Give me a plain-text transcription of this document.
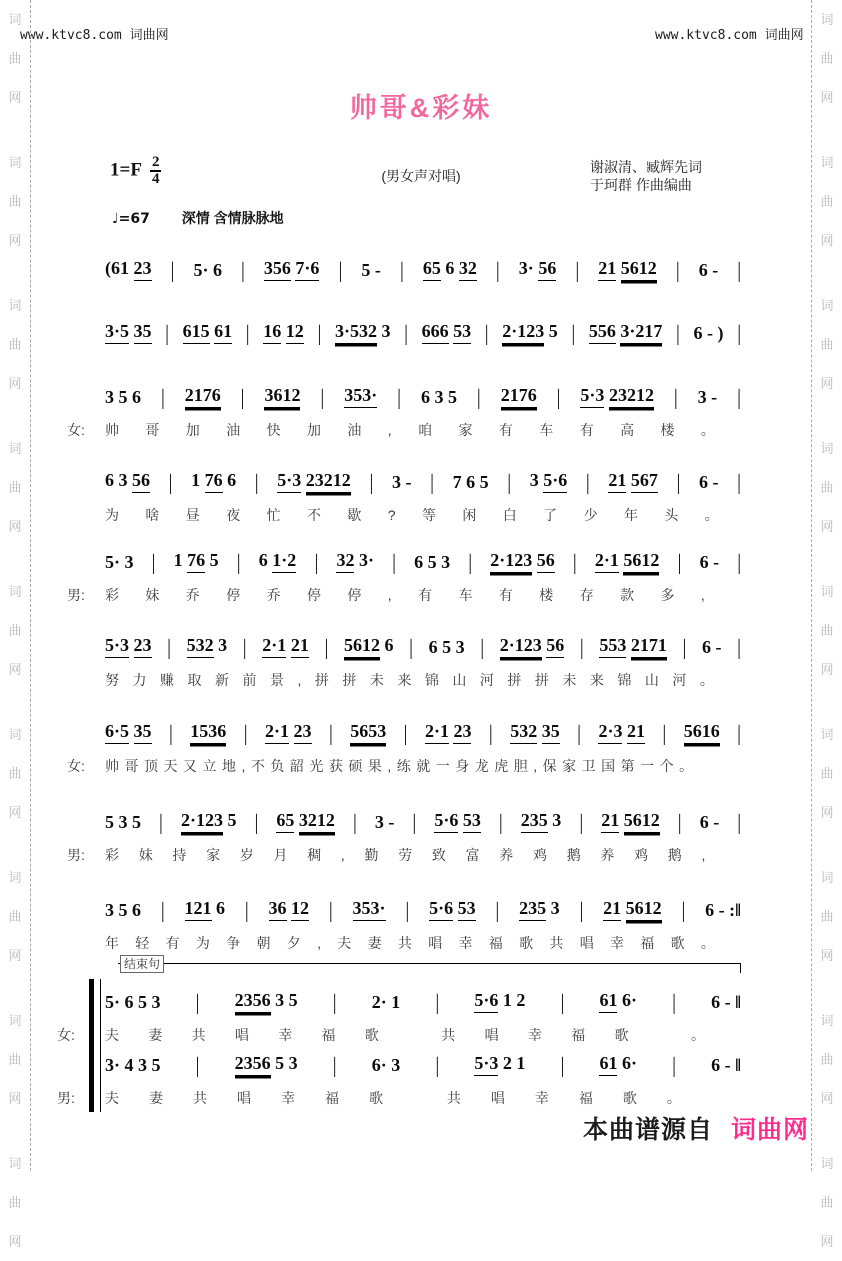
词
曲
网
词
曲
网
词
曲
网
词
曲
网
词
曲
网
词
曲
网
词
曲
网
词
曲
网
词
曲
网
词
曲
网
词
曲
网
词
曲
网
词
曲
网
词
曲
网
词
曲
网
词
曲
网
词
曲
网
词
曲
网
www.ktvc8.com 词曲网	www.ktvc8.com 词曲网
帅哥&彩妹
$1=F \frac{2}{4}$	(男女声对唱)
谢淑清、臧辉先词
于珂群 作曲编曲
♩=67 深情 含情脉脉地
结束句
(61 23 | 5· 6 | 356 7·6 | 5 - | 65 6 32 | 3· 56 | 21 5612 | 6 - |
3·5 35 | 615 61 | 16 12 | 3·532 3 | 666 53 | 2·123 5 | 556 3·217 | 6 - ) |
女:
3 5 6 | 2176 | 3612 | 353· | 6 3 5 | 2176 | 5·3 23212 | 3 - |
帅哥加油快加油,咱家有车有高楼。
6 3 56 | 1 76 6 | 5·3 23212 | 3 - | 7 6 5 | 3 5·6 | 21 567 | 6 - |
为啥昼夜忙不歇?等闲白了少年头。
男:
5· 3 | 1 76 5 | 6 1·2 | 32 3· | 6 5 3 | 2·123 56 | 2·1 5612 | 6 - |
彩妹乔停乔停停,有车有楼存款多,
5·3 23 | 532 3 | 2·1 21 | 5612 6 | 6 5 3 | 2·123 56 | 553 2171 | 6 - |
努力赚取新前景,拼拼未来锦山河拼拼未来锦山河。
女:
6·5 35 | 1536 | 2·1 23 | 5653 | 2·1 23 | 532 35 | 2·3 21 | 5616 |
帅哥顶天又立地,不负韶光获硕果,练就一身龙虎胆,保家卫国第一个。
男:
5 3 5 | 2·123 5 | 65 3212 | 3 - | 5·6 53 | 235 3 | 21 5612 | 6 - |
彩妹持家岁月稠,勤劳致富养鸡鹅养鸡鹅,
3 5 6 | 121 6 | 36 12 | 353· | 5·6 53 | 235 3 | 21 5612 | 6 - :‖
年轻有为争朝夕,夫妻共唱幸福歌共唱幸福歌。
女:
5· 6 5 3 | 2356 3 5 | 2· 1 | 5·6 1 2 | 61 6· | 6 - ‖
夫妻共唱幸福歌 共唱幸福歌 。
男:
3· 4 3 5 | 2356 5 3 | 6· 3 | 5·3 2 1 | 61 6· | 6 - ‖
夫妻共唱幸福歌 共唱幸福歌。
本曲谱源自 词曲网
